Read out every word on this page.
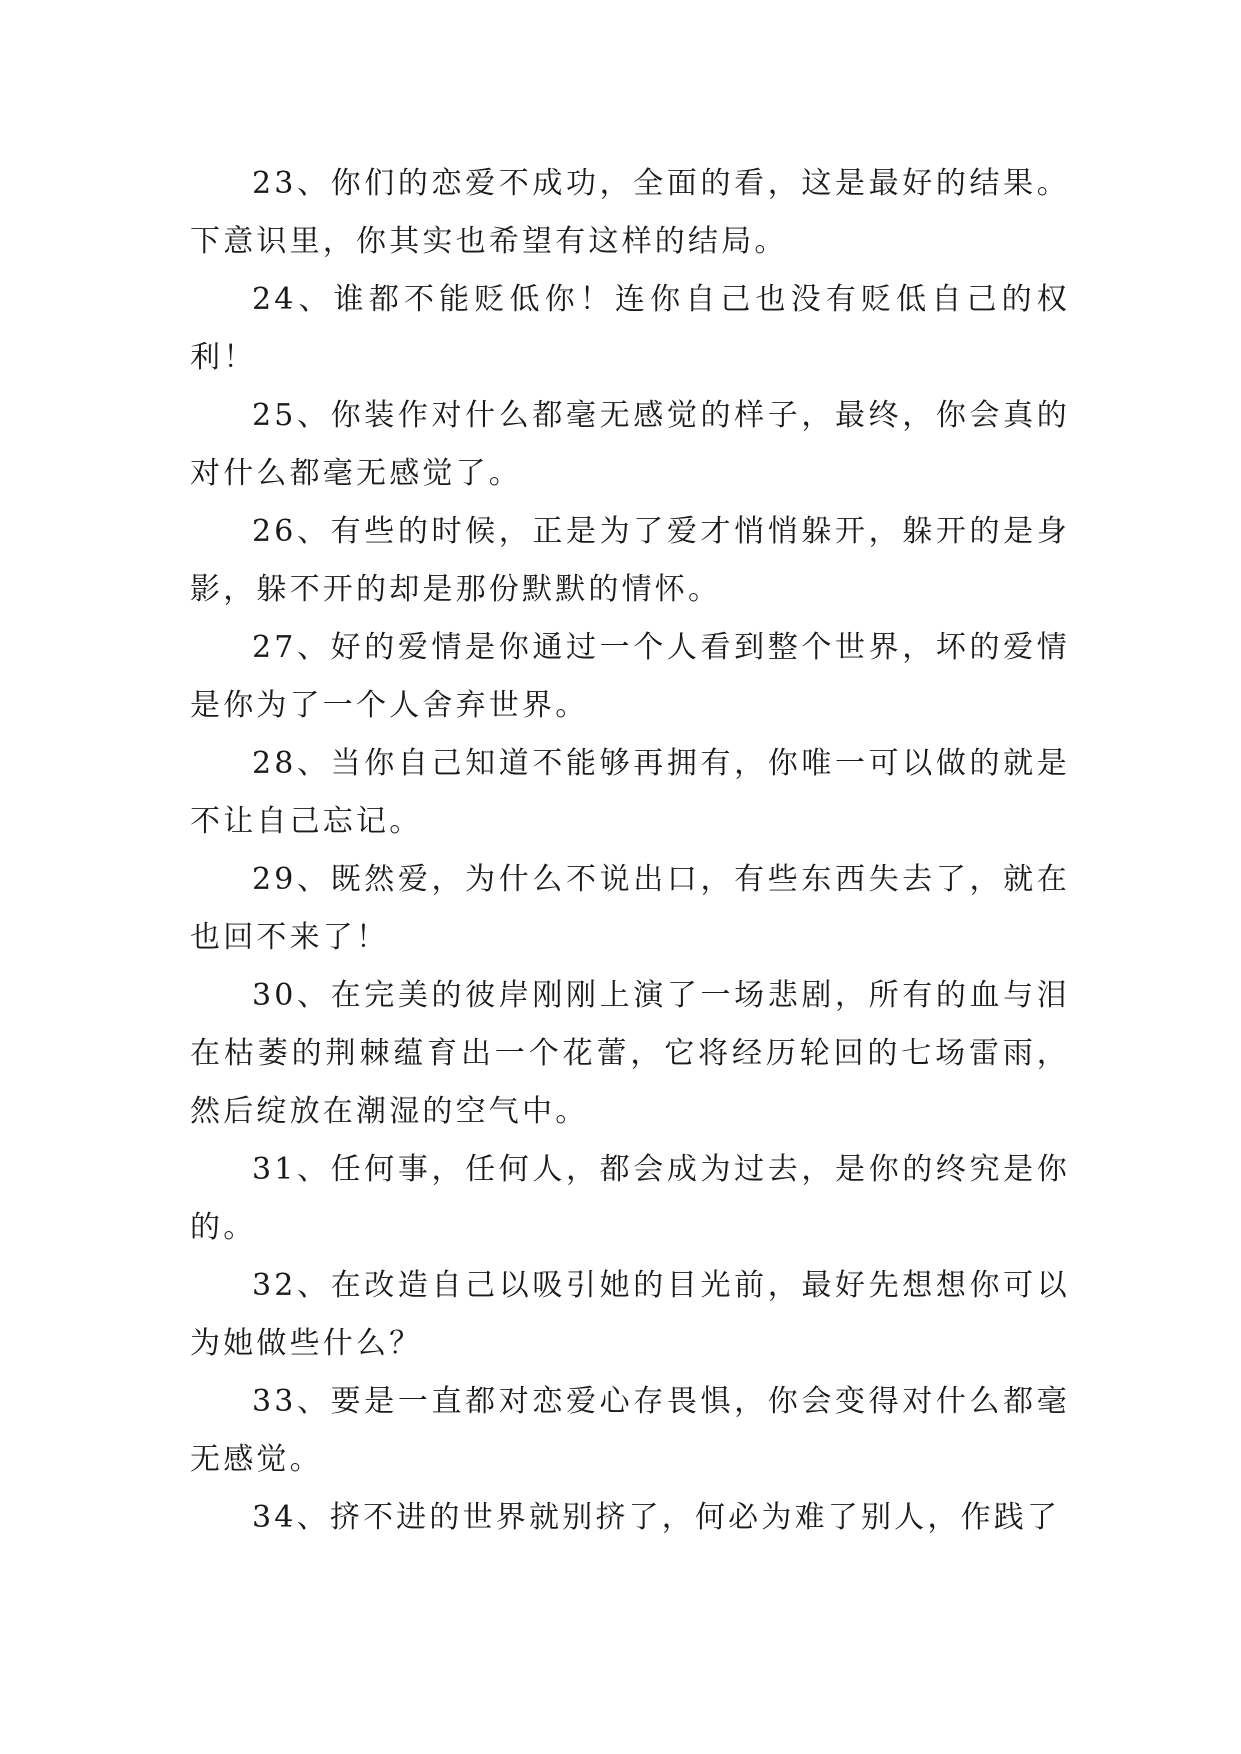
23、你们的恋爱不成功，全面的看，这是最好的结果。下意识里，你其实也希望有这样的结局。

24、谁都不能贬低你！连你自己也没有贬低自己的权利！

25、你装作对什么都毫无感觉的样子，最终，你会真的对什么都毫无感觉了。

26、有些的时候，正是为了爱才悄悄躲开，躲开的是身影，躲不开的却是那份默默的情怀。

27、好的爱情是你通过一个人看到整个世界，坏的爱情是你为了一个人舍弃世界。

28、当你自己知道不能够再拥有，你唯一可以做的就是不让自己忘记。

29、既然爱，为什么不说出口，有些东西失去了，就在也回不来了！

30、在完美的彼岸刚刚上演了一场悲剧，所有的血与泪在枯萎的荆棘蕴育出一个花蕾，它将经历轮回的七场雷雨，然后绽放在潮湿的空气中。

31、任何事，任何人，都会成为过去，是你的终究是你的。

32、在改造自己以吸引她的目光前，最好先想想你可以为她做些什么？

33、要是一直都对恋爱心存畏惧，你会变得对什么都毫无感觉。

34、挤不进的世界就别挤了，何必为难了别人，作践了
